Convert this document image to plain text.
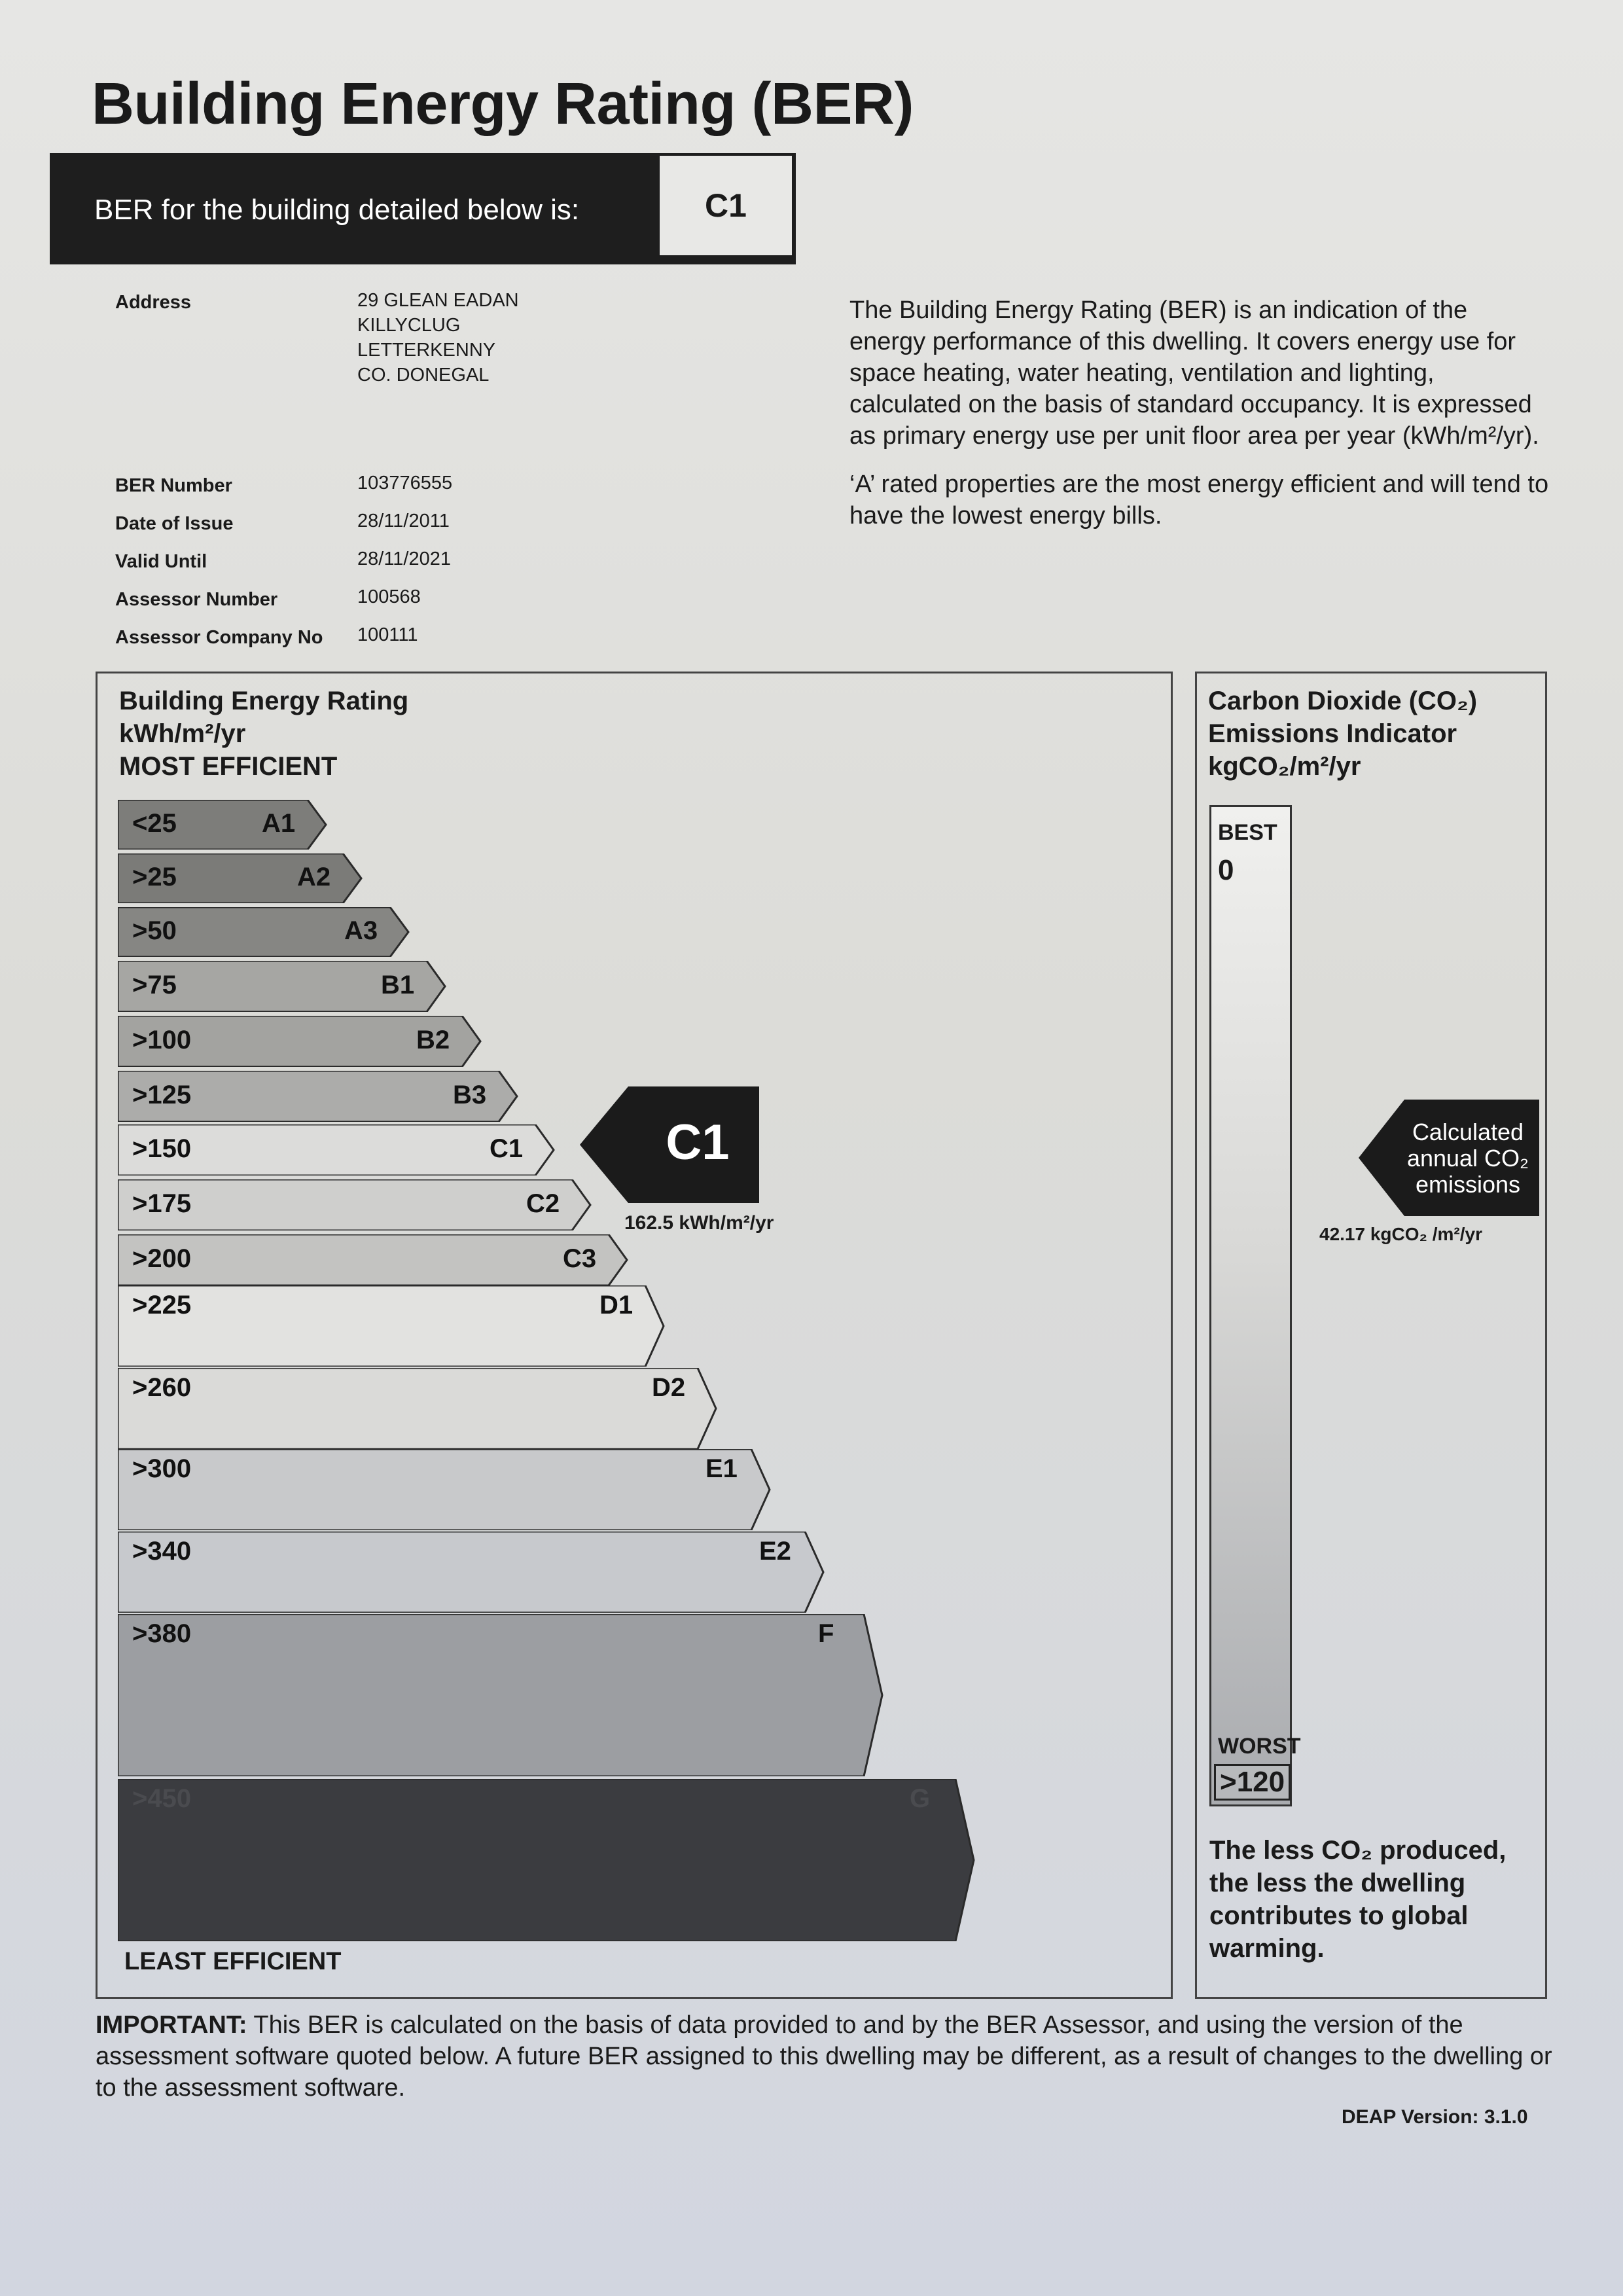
Building Energy Rating (BER)
BER for the building detailed below is:	C1
Address	29 GLEAN EADAN
KILLYCLUG
LETTERKENNY
CO. DONEGAL
BER Number	103776555
Date of Issue	28/11/2011
Valid Until	28/11/2021
Assessor Number	100568
Assessor Company No 100111

The Building Energy Rating (BER) is an indication of the energy performance of this dwelling. It covers energy use for space heating, water heating, ventilation and lighting, calculated on the basis of standard occupancy. It is expressed as primary energy use per unit floor area per year (kWh/m²/yr).

‘A’ rated properties are the most energy efficient and will tend to have the lowest energy bills.

Building Energy Rating
kWh/m²/yr
MOST EFFICIENT
<25	A1
>25	A2
>50	A3
>75	B1
>100	B2
>125	B3
>150	C1
>175	C2
>200	C3
>225	D1
>260	D2
>300	E1
>340	E2
>380	F
>450	G
C1
162.5 kWh/m²/yr
LEAST EFFICIENT
Carbon Dioxide (CO₂)
Emissions Indicator
kgCO₂/m²/yr
BEST
0
WORST
>120
Calculated
annual CO₂
emissions
42.17 kgCO₂ /m²/yr
The less CO₂ produced, the less the dwelling contributes to global warming.
IMPORTANT: This BER is calculated on the basis of data provided to and by the BER Assessor, and using the version of the assessment software quoted below. A future BER assigned to this dwelling may be different, as a result of changes to the dwelling or to the assessment software.
DEAP Version: 3.1.0
